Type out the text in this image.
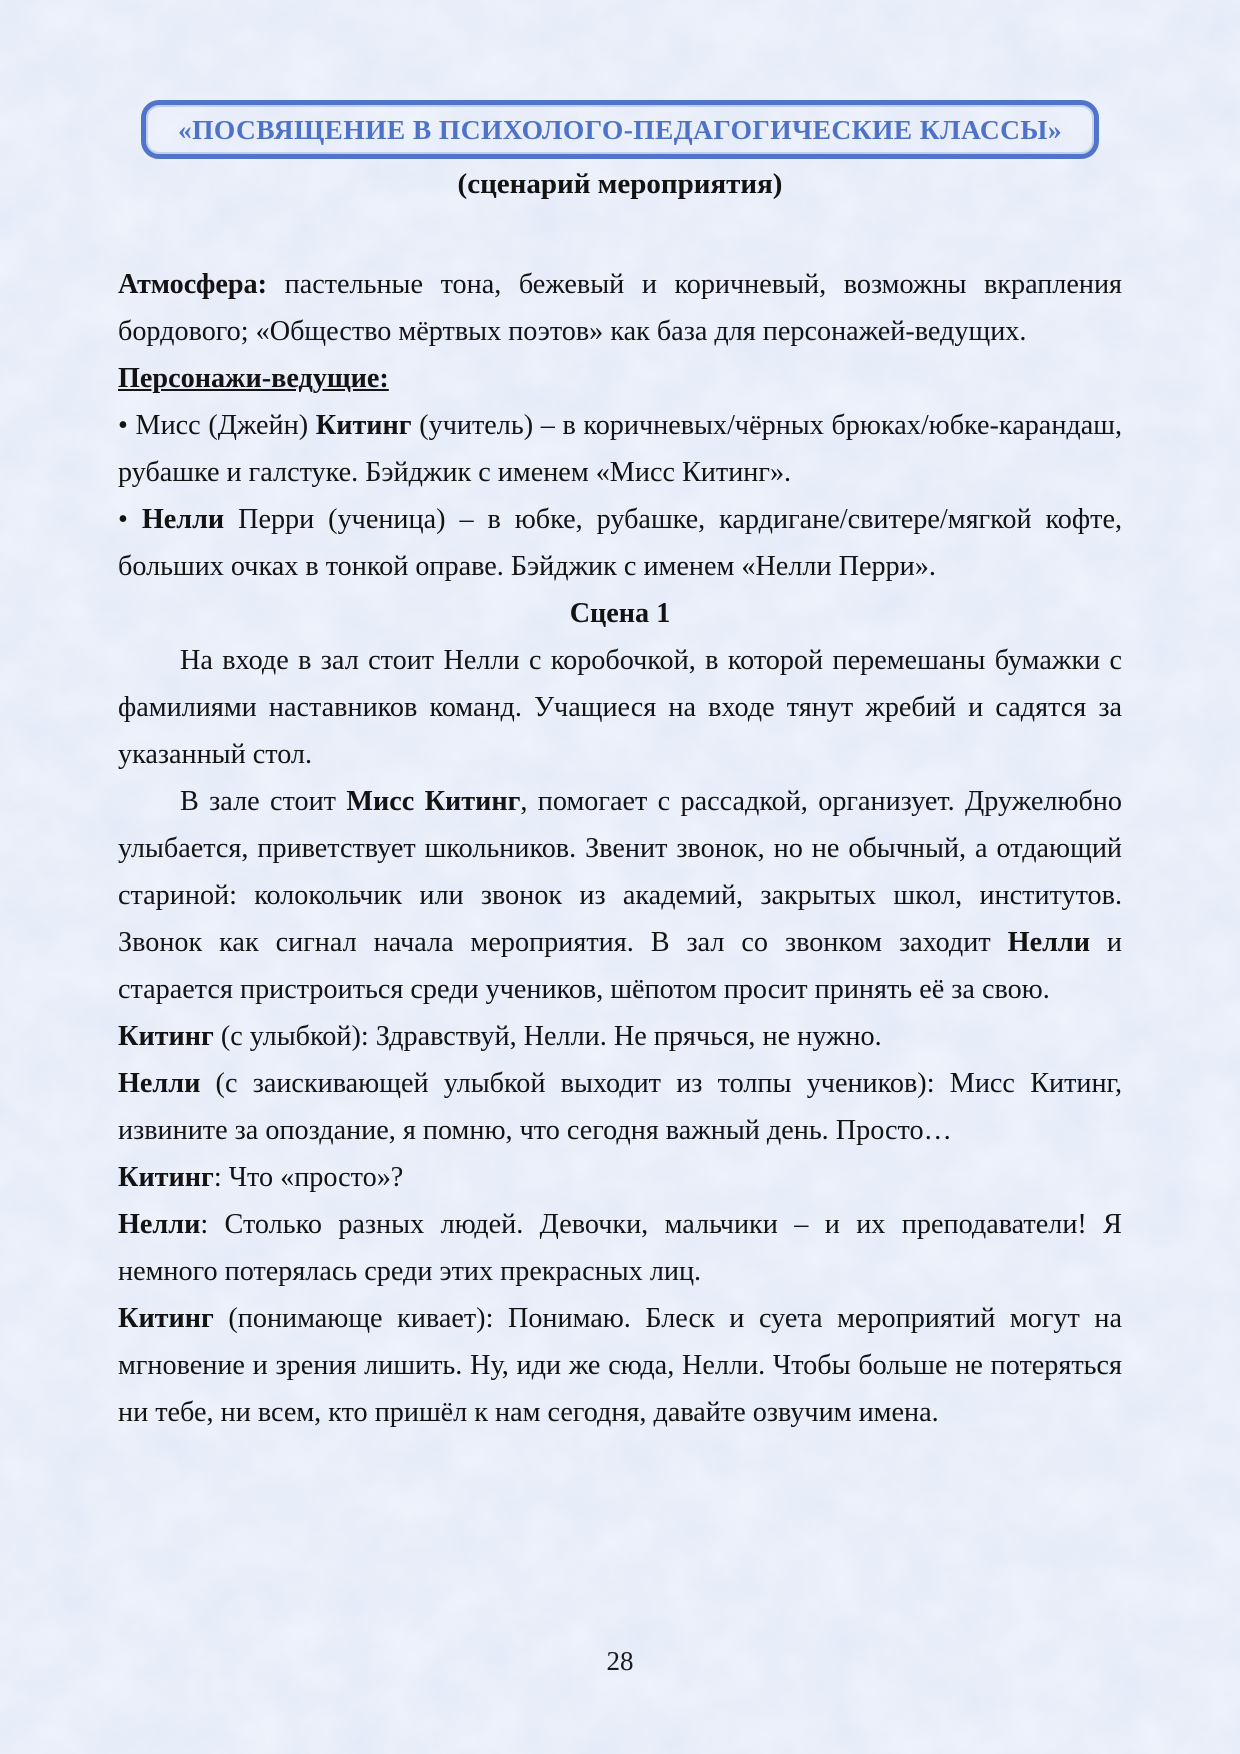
«ПОСВЯЩЕНИЕ В ПСИХОЛОГО-ПЕДАГОГИЧЕСКИЕ КЛАССЫ»
(сценарий мероприятия)

Атмосфера: пастельные тона, бежевый и коричневый, возможны вкрапления бордового; «Общество мёртвых поэтов» как база для персонажей-ведущих.

Персонажи-ведущие:

• Мисс (Джейн) Китинг (учитель) – в коричневых/чёрных брюках/юбке-карандаш, рубашке и галстуке. Бэйджик с именем «Мисс Китинг».

• Нелли Перри (ученица) – в юбке, рубашке, кардигане/свитере/мягкой кофте, больших очках в тонкой оправе. Бэйджик с именем «Нелли Перри».

Сцена 1

На входе в зал стоит Нелли с коробочкой, в которой перемешаны бумажки с фамилиями наставников команд. Учащиеся на входе тянут жребий и садятся за указанный стол.

В зале стоит Мисс Китинг, помогает с рассадкой, организует. Дружелюбно улыбается, приветствует школьников. Звенит звонок, но не обычный, а отдающий стариной: колокольчик или звонок из академий, закрытых школ, институтов. Звонок как сигнал начала мероприятия. В зал со звонком заходит Нелли и старается пристроиться среди учеников, шёпотом просит принять её за свою.

Китинг (с улыбкой): Здравствуй, Нелли. Не прячься, не нужно.

Нелли (с заискивающей улыбкой выходит из толпы учеников): Мисс Китинг, извините за опоздание, я помню, что сегодня важный день. Просто…

Китинг: Что «просто»?

Нелли: Столько разных людей. Девочки, мальчики – и их преподаватели! Я немного потерялась среди этих прекрасных лиц.

Китинг (понимающе кивает): Понимаю. Блеск и суета мероприятий могут на мгновение и зрения лишить. Ну, иди же сюда, Нелли. Чтобы больше не потеряться ни тебе, ни всем, кто пришёл к нам сегодня, давайте озвучим имена.

28
